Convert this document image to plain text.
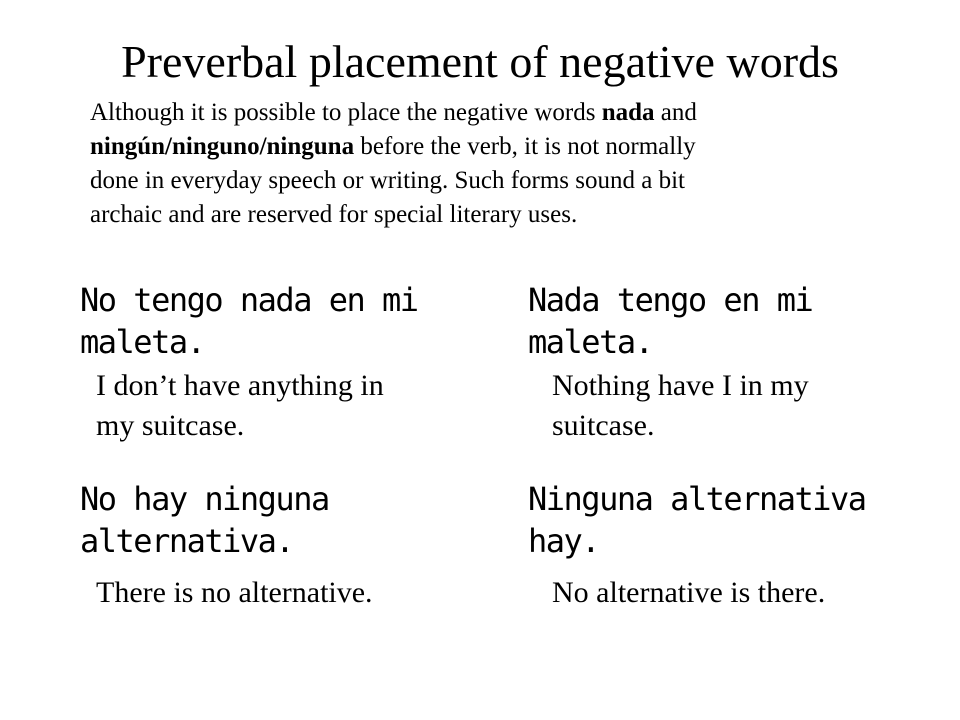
Preverbal placement of negative words
Although it is possible to place the negative words nada and
ningún/ninguno/ninguna before the verb, it is not normally
done in everyday speech or writing. Such forms sound a bit
archaic and are reserved for special literary uses.
No tengo nada en mi
maleta.
I don’t have anything in
my suitcase.
Nada tengo en mi
maleta.
Nothing have I in my
suitcase.
No hay ninguna
alternativa.
There is no alternative.
Ninguna alternativa
hay.
No alternative is there.
